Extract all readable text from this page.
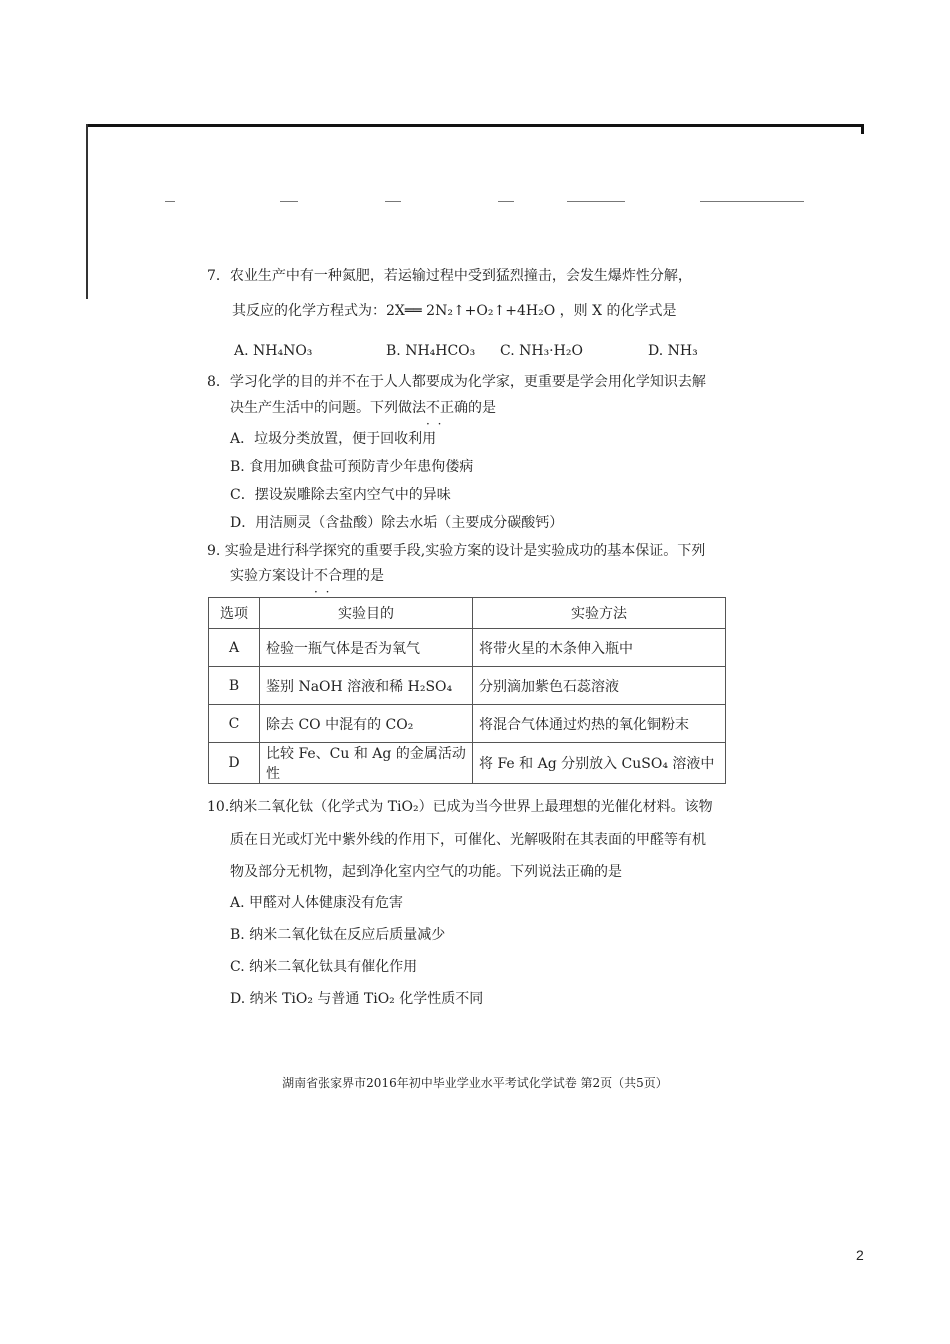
7．农业生产中有一种氮肥，若运输过程中受到猛烈撞击，会发生爆炸性分解，
其反应的化学方程式为：2X══ 2N₂↑+O₂↑+4H₂O ，则 X 的化学式是
A. NH₄NO₃	B. NH₄HCO₃ C. NH₃·H₂O	D. NH₃
8．学习化学的目的并不在于人人都要成为化学家，更重要是学会用化学知识去解
决生产生活中的问题。下列做法不正确 · ·的是
A．垃圾分类放置，便于回收利用
B. 食用加碘食盐可预防青少年患佝偻病
C．摆设炭雕除去室内空气中的异味
D．用洁厕灵（含盐酸）除去水垢（主要成分碳酸钙）
9. 实验是进行科学探究的重要手段,实验方案的设计是实验成功的基本保证。下列
实验方案设计不合理 · ·的是
选项	实验目的	实验方法
A	检验一瓶气体是否为氧气	将带火星的木条伸入瓶中
B	鉴别 NaOH 溶液和稀 H₂SO₄	分别滴加紫色石蕊溶液
C	除去 CO 中混有的 CO₂	将混合气体通过灼热的氧化铜粉末
D	比较 Fe、Cu 和 Ag 的金属活动性	将 Fe 和 Ag 分别放入 CuSO₄ 溶液中
10.纳米二氧化钛（化学式为 TiO₂）已成为当今世界上最理想的光催化材料。该物
质在日光或灯光中紫外线的作用下，可催化、光解吸附在其表面的甲醛等有机
物及部分无机物，起到净化室内空气的功能。下列说法正确的是
A. 甲醛对人体健康没有危害
B. 纳米二氧化钛在反应后质量减少
C. 纳米二氧化钛具有催化作用
D. 纳米 TiO₂ 与普通 TiO₂ 化学性质不同
湖南省张家界市2016年初中毕业学业水平考试化学试卷 第2页（共5页）
2
